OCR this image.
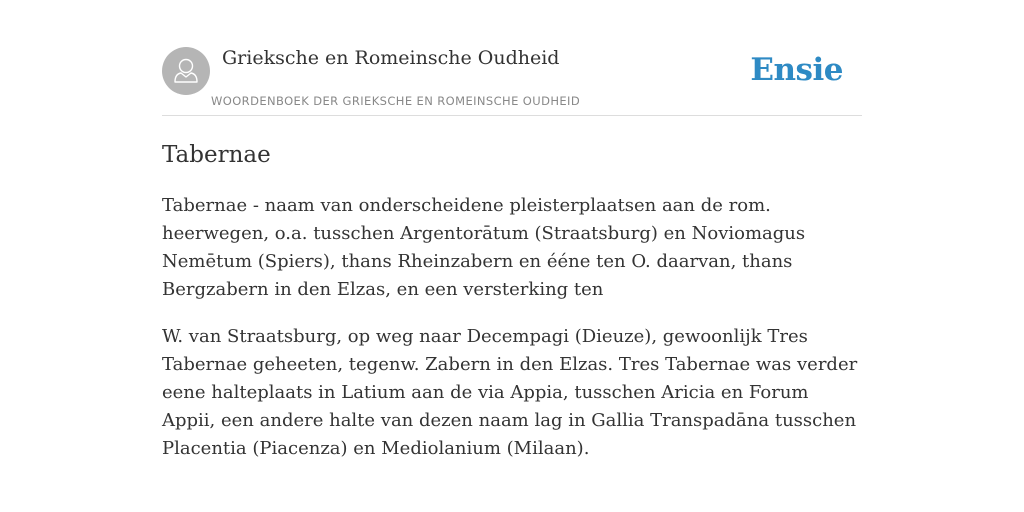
Grieksche en Romeinsche Oudheid
WOORDENBOEK DER GRIEKSCHE EN ROMEINSCHE OUDHEID
Ensie
Tabernae

Tabernae - naam van onderscheidene pleisterplaatsen aan de rom. heerwegen, o.a. tusschen Argentorātum (Straatsburg) en Noviomagus Nemētum (Spiers), thans Rheinzabern en ééne ten O. daarvan, thans Bergzabern in den Elzas, en een versterking ten

W. van Straatsburg, op weg naar Decempagi (Dieuze), gewoonlijk Tres Tabernae geheeten, tegenw. Zabern in den Elzas. Tres Tabernae was verder eene halteplaats in Latium aan de via Appia, tusschen Aricia en Forum Appii, een andere halte van dezen naam lag in Gallia Transpadāna tusschen Placentia (Piacenza) en Mediolanium (Milaan).
